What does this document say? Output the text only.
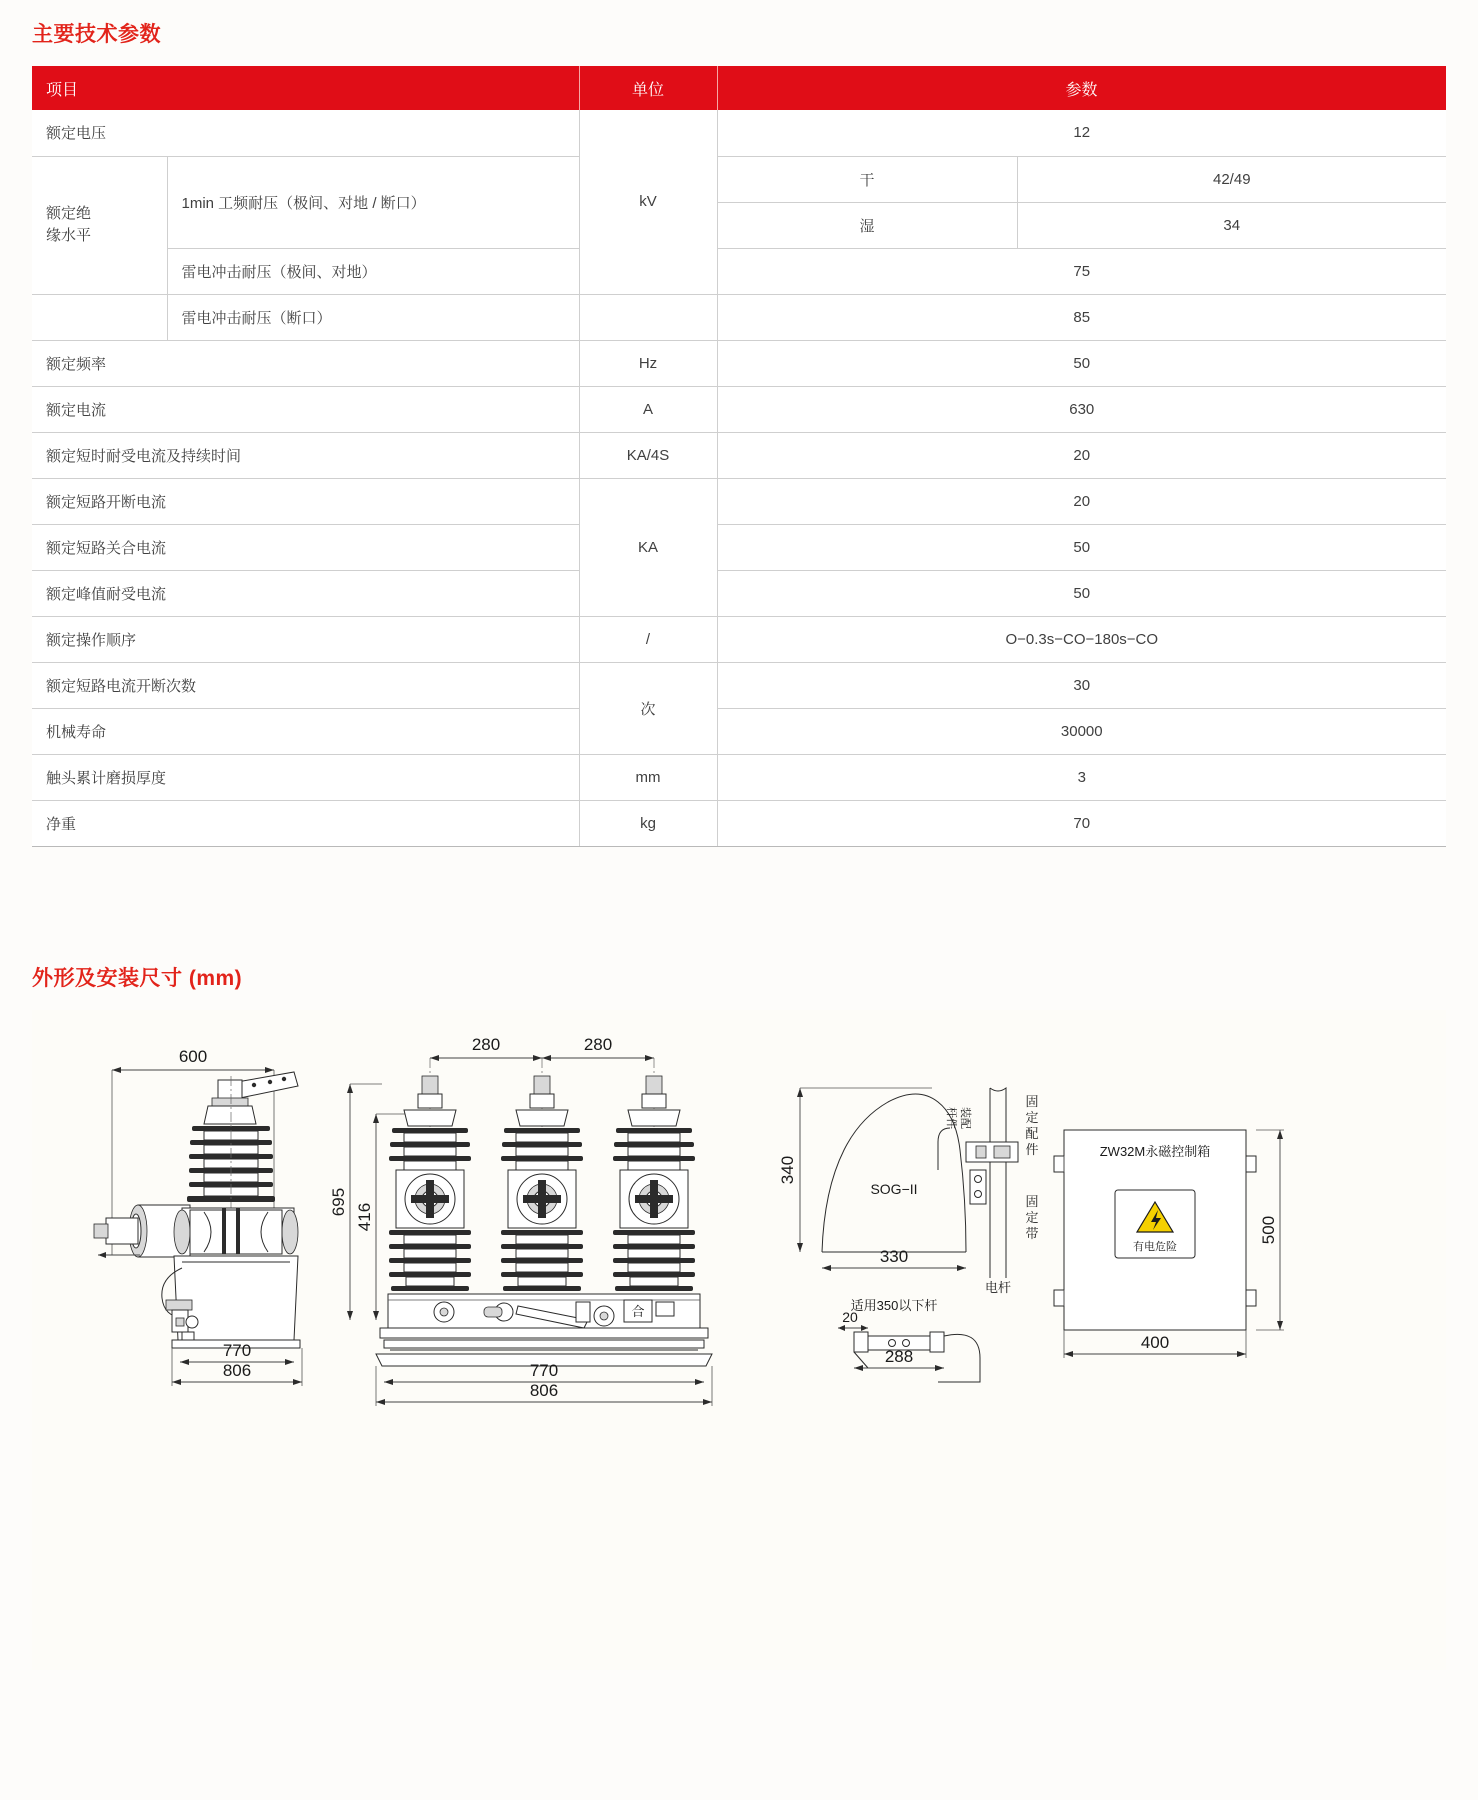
主要技术参数
项目		单位	参数	
额定电压		kV	12	
额定绝
缘水平	1min 工频耐压（极间、对地 / 断口）		干	42/49
			湿	34
	雷电冲击耐压（极间、对地）		75	
	雷电冲击耐压（断口）		85	
额定频率		Hz	50	
额定电流		A	630	
额定短时耐受电流及持续时间		KA/4S	20	
额定短路开断电流		KA	20	
额定短路关合电流			50	
额定峰值耐受电流			50	
额定操作顺序		/	O−0.3s−CO−180s−CO	
额定短路电流开断次数		次	30	
机械寿命			30000	
触头累计磨损厚度		mm	3	
净重		kg	70	
外形及安装尺寸 (mm)
600
770
806
280	280
695
416
合
770
806
340
SOG−II
330
电杆
杆件 装配
固
定
配
件
固
定
带
适用350以下杆
20
288
ZW32M永磁控制箱
有电危险
500
400
